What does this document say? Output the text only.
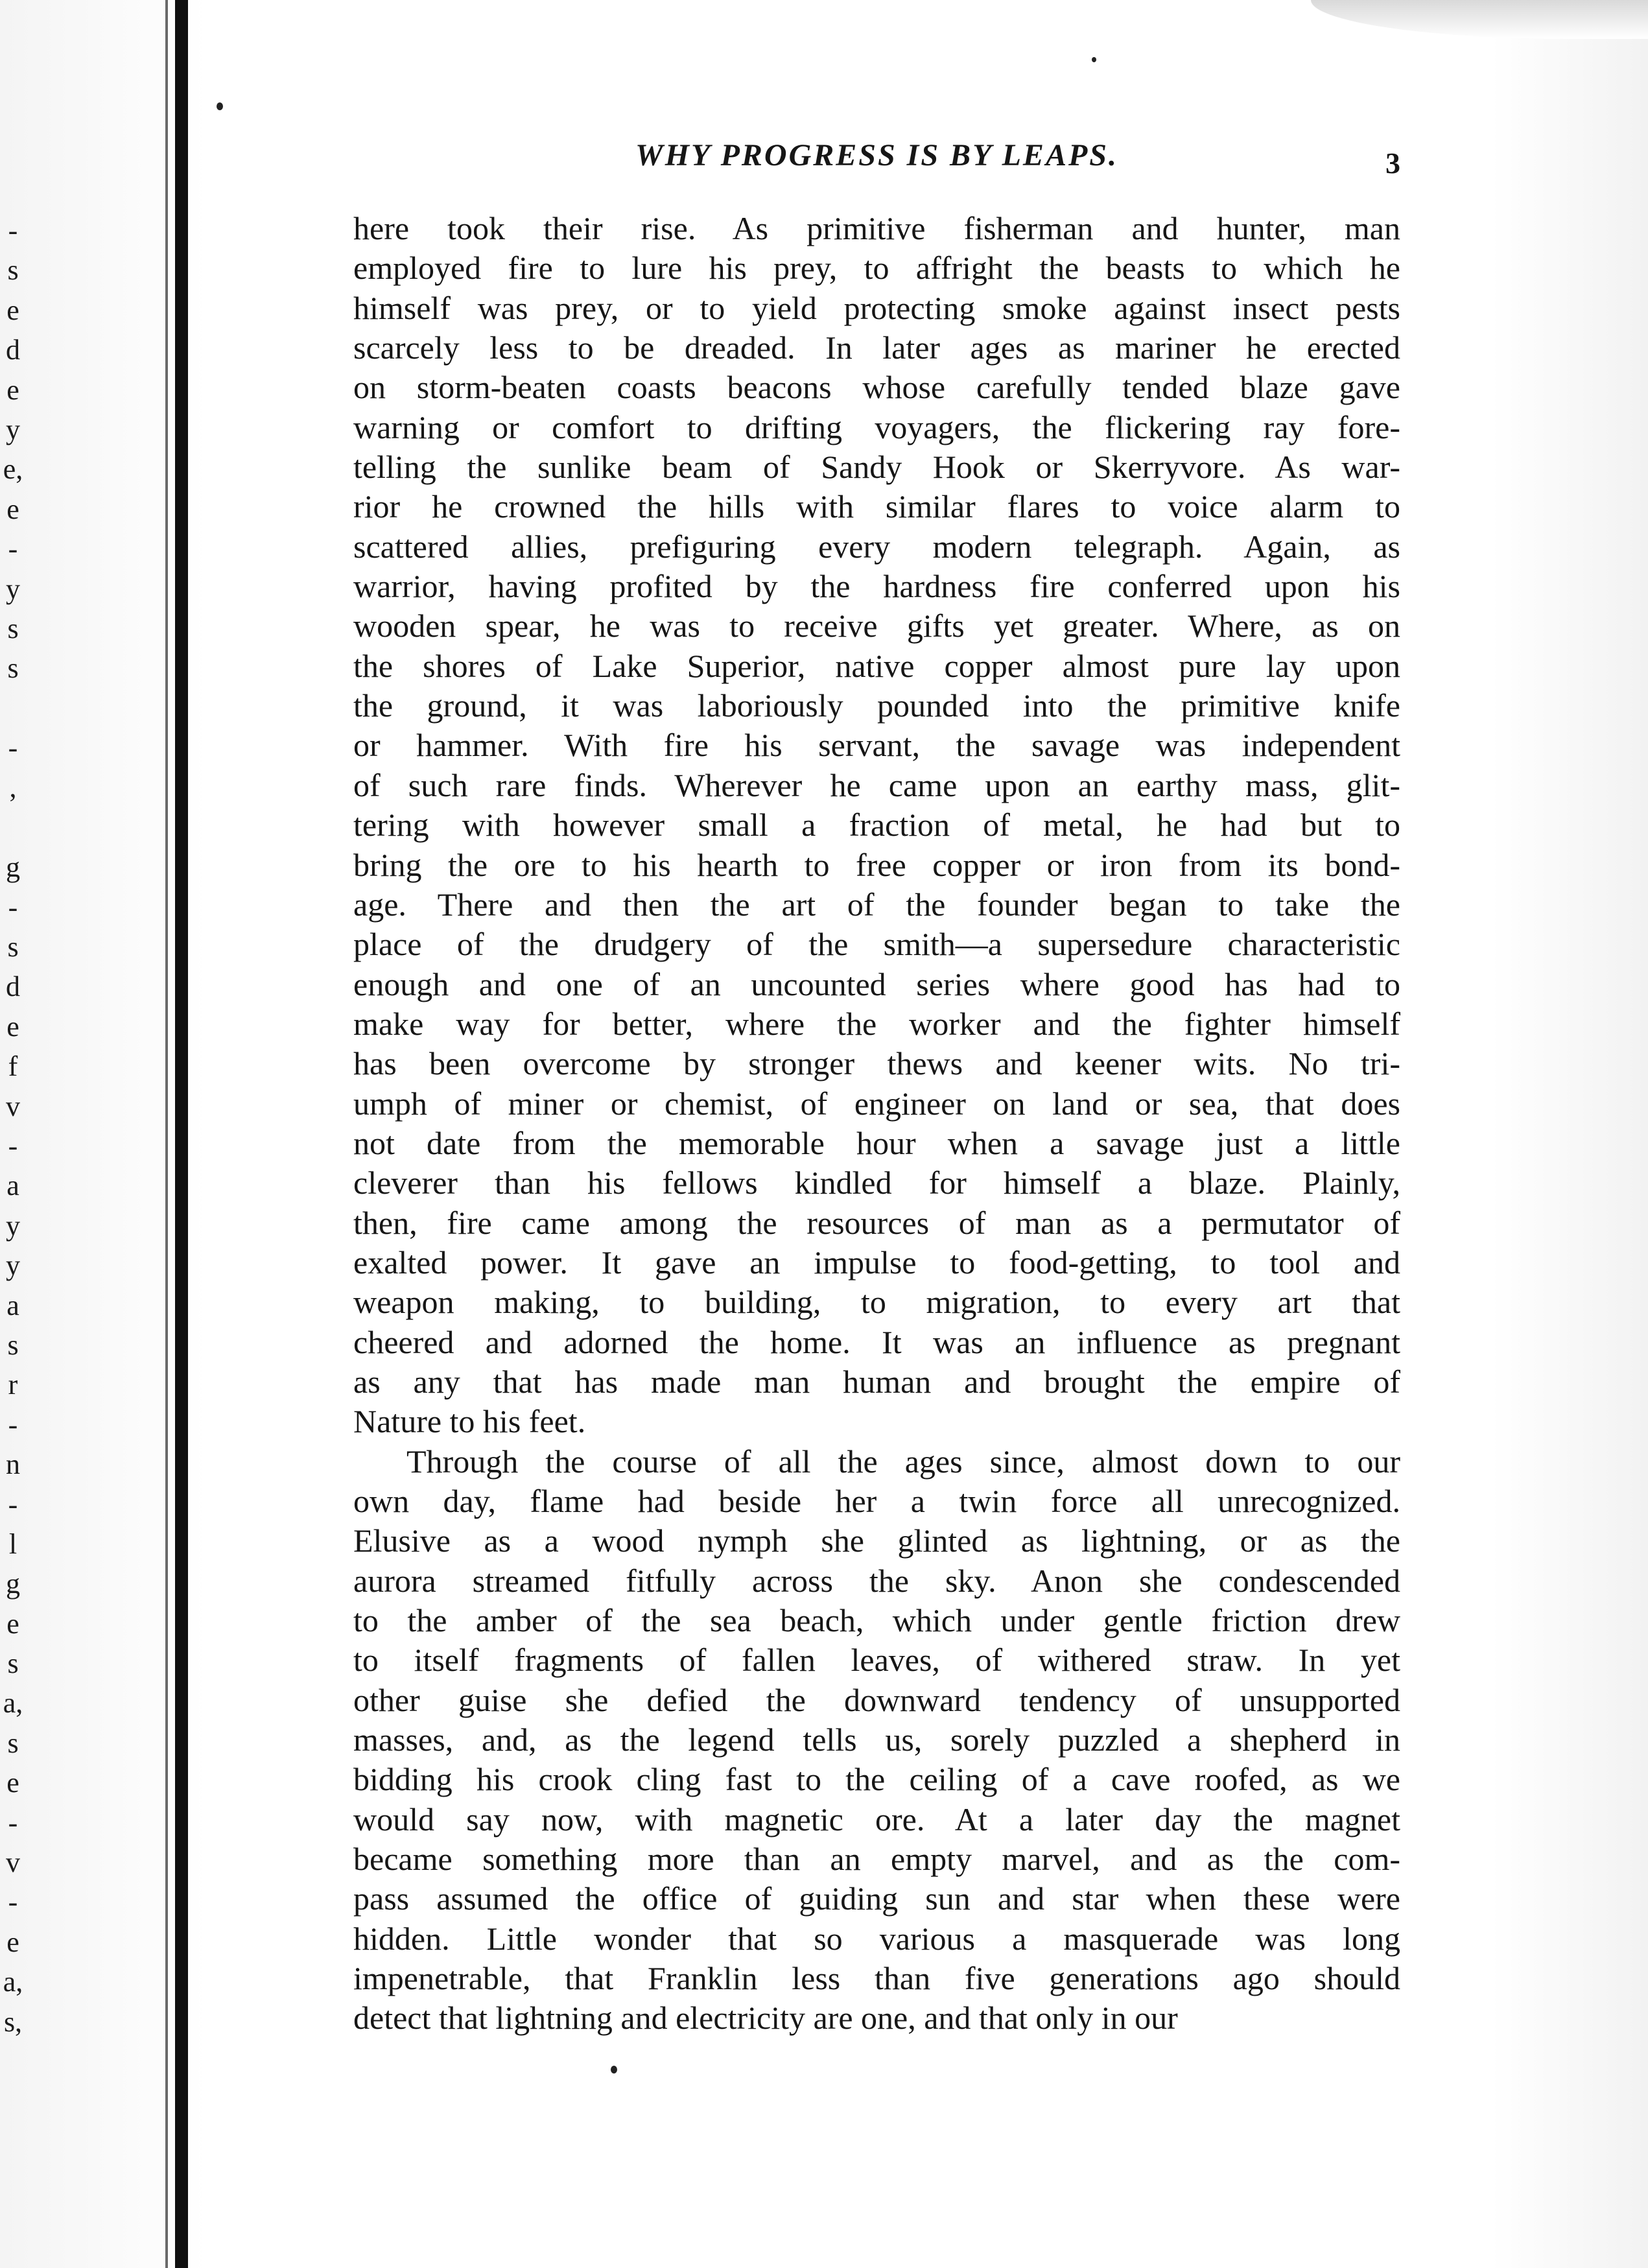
-
s
e
d
e
y
e,
e
-
y
s
s
-
,
g
-
s
d
e
f
v
-
a
y
y
a
s
r
-
n
-
l
g
e
s
a,
s
e
-
v
-
e
a,
s,
WHY PROGRESS IS BY LEAPS.	3
here took their rise. As primitive fisherman and hunter, man
employed fire to lure his prey, to affright the beasts to which he
himself was prey, or to yield protecting smoke against insect pests
scarcely less to be dreaded. In later ages as mariner he erected
on storm-beaten coasts beacons whose carefully tended blaze gave
warning or comfort to drifting voyagers, the flickering ray fore-
telling the sunlike beam of Sandy Hook or Skerryvore. As war-
rior he crowned the hills with similar flares to voice alarm to
scattered allies, prefiguring every modern telegraph. Again, as
warrior, having profited by the hardness fire conferred upon his
wooden spear, he was to receive gifts yet greater. Where, as on
the shores of Lake Superior, native copper almost pure lay upon
the ground, it was laboriously pounded into the primitive knife
or hammer. With fire his servant, the savage was independent
of such rare finds. Wherever he came upon an earthy mass, glit-
tering with however small a fraction of metal, he had but to
bring the ore to his hearth to free copper or iron from its bond-
age. There and then the art of the founder began to take the
place of the drudgery of the smith—a supersedure characteristic
enough and one of an uncounted series where good has had to
make way for better, where the worker and the fighter himself
has been overcome by stronger thews and keener wits. No tri-
umph of miner or chemist, of engineer on land or sea, that does
not date from the memorable hour when a savage just a little
cleverer than his fellows kindled for himself a blaze. Plainly,
then, fire came among the resources of man as a permutator of
exalted power. It gave an impulse to food-getting, to tool and
weapon making, to building, to migration, to every art that
cheered and adorned the home. It was an influence as pregnant
as any that has made man human and brought the empire of
Nature to his feet.
Through the course of all the ages since, almost down to our
own day, flame had beside her a twin force all unrecognized.
Elusive as a wood nymph she glinted as lightning, or as the
aurora streamed fitfully across the sky. Anon she condescended
to the amber of the sea beach, which under gentle friction drew
to itself fragments of fallen leaves, of withered straw. In yet
other guise she defied the downward tendency of unsupported
masses, and, as the legend tells us, sorely puzzled a shepherd in
bidding his crook cling fast to the ceiling of a cave roofed, as we
would say now, with magnetic ore. At a later day the magnet
became something more than an empty marvel, and as the com-
pass assumed the office of guiding sun and star when these were
hidden. Little wonder that so various a masquerade was long
impenetrable, that Franklin less than five generations ago should
detect that lightning and electricity are one, and that only in our
